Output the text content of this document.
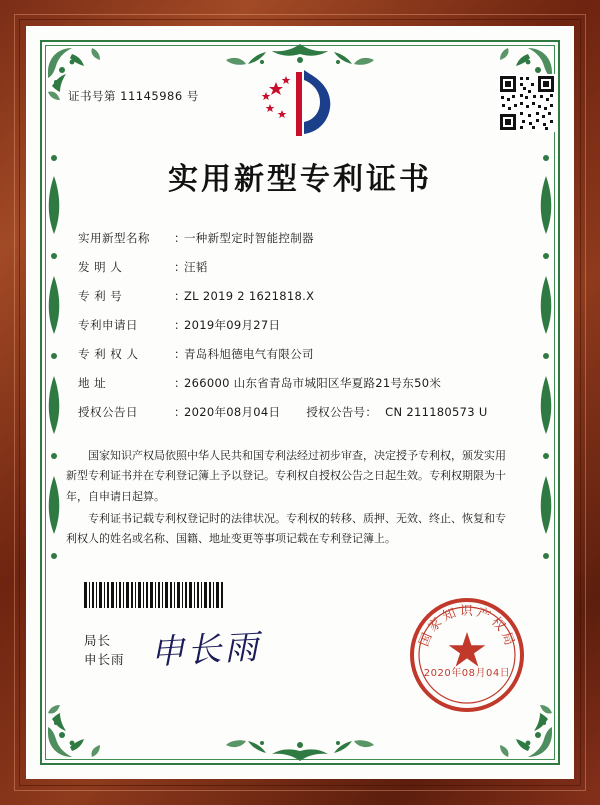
证书号第 11145986 号
实用新型专利证书
实用新型名称	：
一种新型定时智能控制器
发 明 人	：
汪韬
专 利 号	：
ZL 2019 2 1621818.X
专利申请日	：
2019年09月27日
专 利 权 人	：
青岛科旭德电气有限公司
地 址	：
266000 山东省青岛市城阳区华夏路21号东50米
授权公告日	：
2020年08月04日 授权公告号 ： CN 211180573 U

国家知识产权局依照中华人民共和国专利法经过初步审查，决定授予专利权，颁发实用新型专利证书并在专利登记簿上予以登记。专利权自授权公告之日起生效。专利权期限为十年，自申请日起算。

专利证书记载专利权登记时的法律状况。专利权的转移、质押、无效、终止、恢复和专利权人的姓名或名称、国籍、地址变更等事项记载在专利登记簿上。

局长
申长雨 申长雨	国家知识产权局
2020年08月04日
